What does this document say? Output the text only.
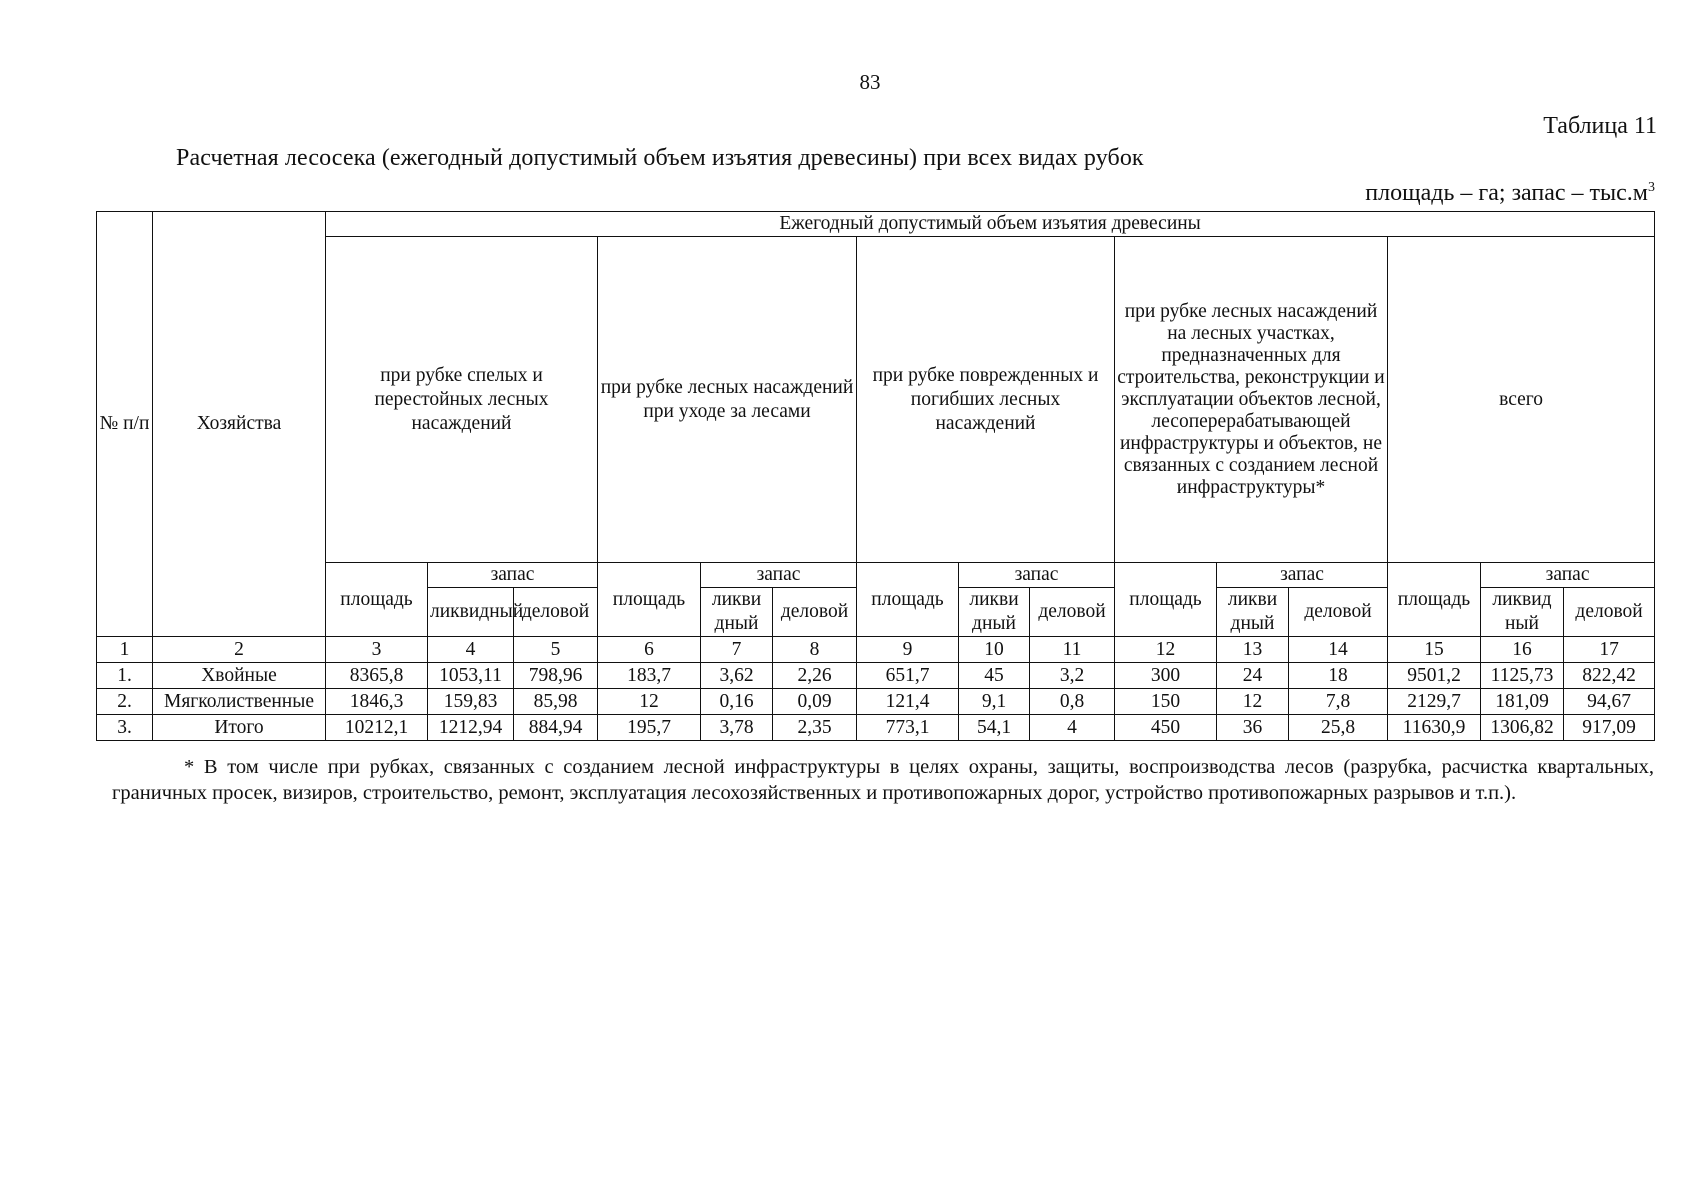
83
Таблица 11
Расчетная лесосека (ежегодный допустимый объем изъятия древесины) при всех видах рубок
площадь – га; запас – $тыс.м^3$
№ п/п	Хозяйства	Ежегодный допустимый объем изъятия древесины														
		при рубке спелых и перестойных лесных насаждений			при рубке лесных насаждений при уходе за лесами			при рубке поврежденных и погибших лесных насаждений			при рубке лесных насаждений на лесных участках, предназначенных для строительства, реконструкции и эксплуатации объектов лесной, лесоперерабатывающей инфраструктуры и объектов, не связанных с созданием лесной инфраструктуры*			всего		
		площадь	запас		площадь	запас		площадь	запас		площадь	запас		площадь	запас	
			ликвидный	деловой		ликви дный	деловой		ликви дный	деловой		ликви дный	деловой		ликвид ный	деловой
1	2	3	4	5	6	7	8	9	10	11	12	13	14	15	16	17
1.	Хвойные	8365,8	1053,11	798,96	183,7	3,62	2,26	651,7	45	3,2	300	24	18	9501,2	1125,73	822,42
2.	Мягколиственные	1846,3	159,83	85,98	12	0,16	0,09	121,4	9,1	0,8	150	12	7,8	2129,7	181,09	94,67
3.	Итого	10212,1	1212,94	884,94	195,7	3,78	2,35	773,1	54,1	4	450	36	25,8	11630,9	1306,82	917,09
* В том числе при рубках, связанных с созданием лесной инфраструктуры в целях охраны, защиты, воспроизводства лесов (разрубка, расчистка квартальных, граничных просек, визиров, строительство, ремонт, эксплуатация лесохозяйственных и противопожарных дорог, устройство противопожарных разрывов и т.п.).
